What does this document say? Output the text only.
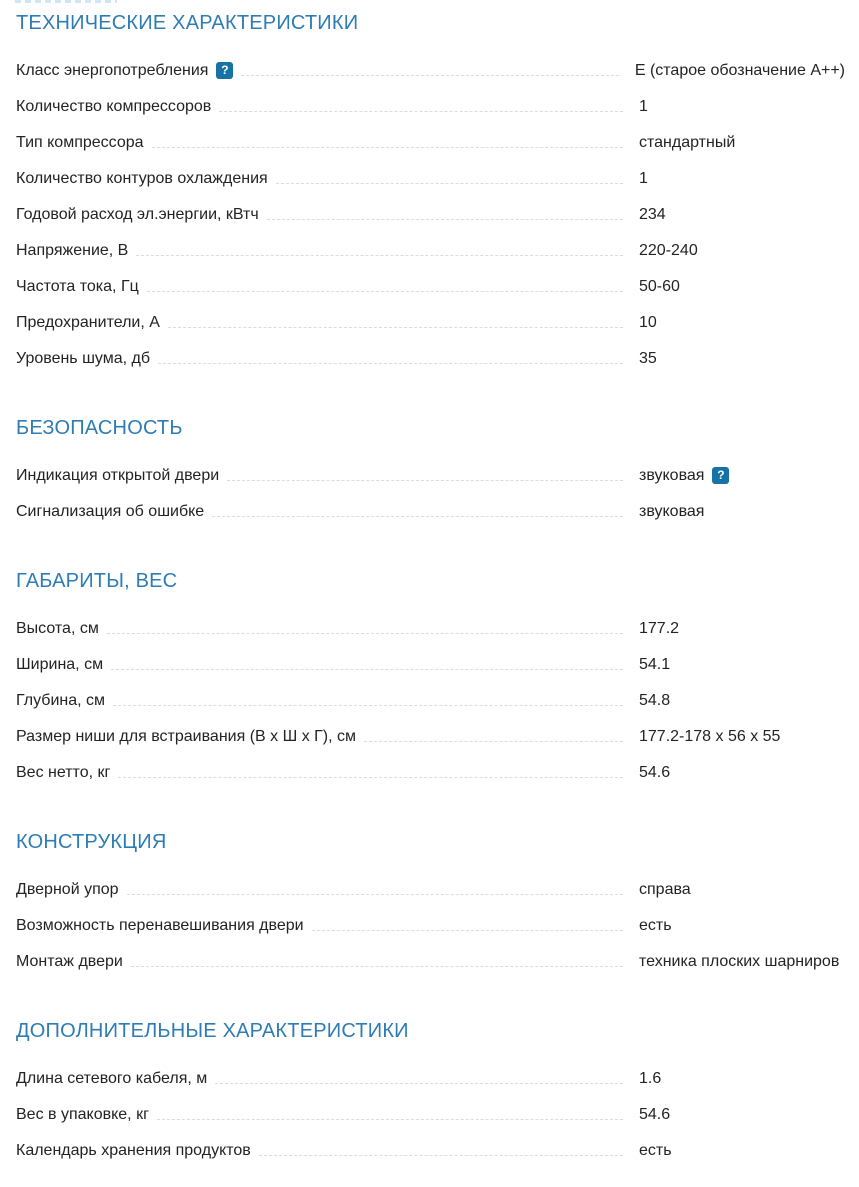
ТЕХНИЧЕСКИЕ ХАРАКТЕРИСТИКИ
Класс энергопотребления	?	Е (старое обозначение А++)
Количество компрессоров	1
Тип компрессора	стандартный
Количество контуров охлаждения	1
Годовой расход эл.энергии, кВтч	234
Напряжение, В	220-240
Частота тока, Гц	50-60
Предохранители, А	10
Уровень шума, дб	35
БЕЗОПАСНОСТЬ
Индикация открытой двери	звуковая	?
Сигнализация об ошибке	звуковая
ГАБАРИТЫ, ВЕС
Высота, см	177.2
Ширина, см	54.1
Глубина, см	54.8
Размер ниши для встраивания (В х Ш х Г), см	177.2-178 х 56 х 55
Вес нетто, кг	54.6
КОНСТРУКЦИЯ
Дверной упор	справа
Возможность перенавешивания двери	есть
Монтаж двери	техника плоских шарниров
ДОПОЛНИТЕЛЬНЫЕ ХАРАКТЕРИСТИКИ
Длина сетевого кабеля, м	1.6
Вес в упаковке, кг	54.6
Календарь хранения продуктов	есть
